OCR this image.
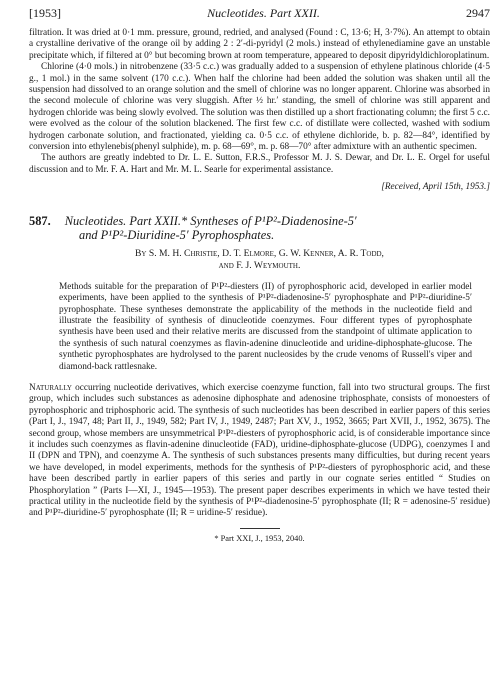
[1953]	Nucleotides. Part XXII.	2947

filtration. It was dried at 0·1 mm. pressure, ground, redried, and analysed (Found : C, 13·6; H, 3·7%). An attempt to obtain a crystalline derivative of the orange oil by adding 2 : 2′-di-pyridyl (2 mols.) instead of ethylenediamine gave an unstable precipitate which, if filtered at 0° but becoming brown at room temperature, appeared to deposit dipyridyldichloroplatinum.

Chlorine (4·0 mols.) in nitrobenzene (33·5 c.c.) was gradually added to a suspension of ethylene platinous chloride (4·5 g., 1 mol.) in the same solvent (170 c.c.). When half the chlorine had been added the solution was shaken until all the suspension had dissolved to an orange solution and the smell of chlorine was no longer apparent. Chlorine was absorbed in the second molecule of chlorine was very sluggish. After ½ hr.′ standing, the smell of chlorine was still apparent and hydrogen chloride was being slowly evolved. The solution was then distilled up a short fractionating column; the first 5 c.c. were evolved as the colour of the solution blackened. The first few c.c. of distillate were collected, washed with sodium hydrogen carbonate solution, and fractionated, yielding ca. 0·5 c.c. of ethylene dichloride, b. p. 82—84°, identified by conversion into ethylenebis(phenyl sulphide), m. p. 68—69°, m. p. 68—70° after admixture with an authentic specimen.

The authors are greatly indebted to Dr. L. E. Sutton, F.R.S., Professor M. J. S. Dewar, and Dr. L. E. Orgel for useful discussion and to Mr. F. A. Hart and Mr. M. L. Searle for experimental assistance.

[Received, April 15th, 1953.]
587. Nucleotides. Part XXII.* Syntheses of P¹P²-Diadenosine-5′
and P¹P²-Diuridine-5′ Pyrophosphates.
By S. M. H. Christie, D. T. Elmore, G. W. Kenner, A. R. Todd,
and F. J. Weymouth.

Methods suitable for the preparation of P¹P²-diesters (II) of pyrophosphoric acid, developed in earlier model experiments, have been applied to the synthesis of P¹P²-diadenosine-5′ pyrophosphate and P¹P²-diuridine-5′ pyrophosphate. These syntheses demonstrate the applicability of the methods in the nucleotide field and illustrate the feasibility of synthesis of dinucleotide coenzymes. Four different types of pyrophosphate synthesis have been used and their relative merits are discussed from the standpoint of ultimate application to the synthesis of such natural coenzymes as flavin-adenine dinucleotide and uridine-diphosphate-glucose. The synthetic pyrophosphates are hydrolysed to the parent nucleosides by the crude venoms of Russell's viper and diamond-back rattlesnake.

Naturally occurring nucleotide derivatives, which exercise coenzyme function, fall into two structural groups. The first group, which includes such substances as adenosine diphosphate and adenosine triphosphate, consists of monoesters of pyrophosphoric and triphosphoric acid. The synthesis of such nucleotides has been described in earlier papers of this series (Part I, J., 1947, 48; Part II, J., 1949, 582; Part IV, J., 1949, 2487; Part XV, J., 1952, 3665; Part XVII, J., 1952, 3675). The second group, whose members are unsymmetrical P¹P²-diesters of pyrophosphoric acid, is of considerable importance since it includes such coenzymes as flavin-adenine dinucleotide (FAD), uridine-diphosphate-glucose (UDPG), coenzymes I and II (DPN and TPN), and coenzyme A. The synthesis of such substances presents many difficulties, but during recent years we have developed, in model experiments, methods for the synthesis of P¹P²-diesters of pyrophosphoric acid, and these have been described partly in earlier papers of this series and partly in our cognate series entitled “ Studies on Phosphorylation ” (Parts I—XI, J., 1945—1953). The present paper describes experiments in which we have tested their practical utility in the nucleotide field by the synthesis of P¹P²-diadenosine-5′ pyrophosphate (II; R = adenosine-5′ residue) and P¹P²-diuridine-5′ pyrophosphate (II; R = uridine-5′ residue).

* Part XXI, J., 1953, 2040.
